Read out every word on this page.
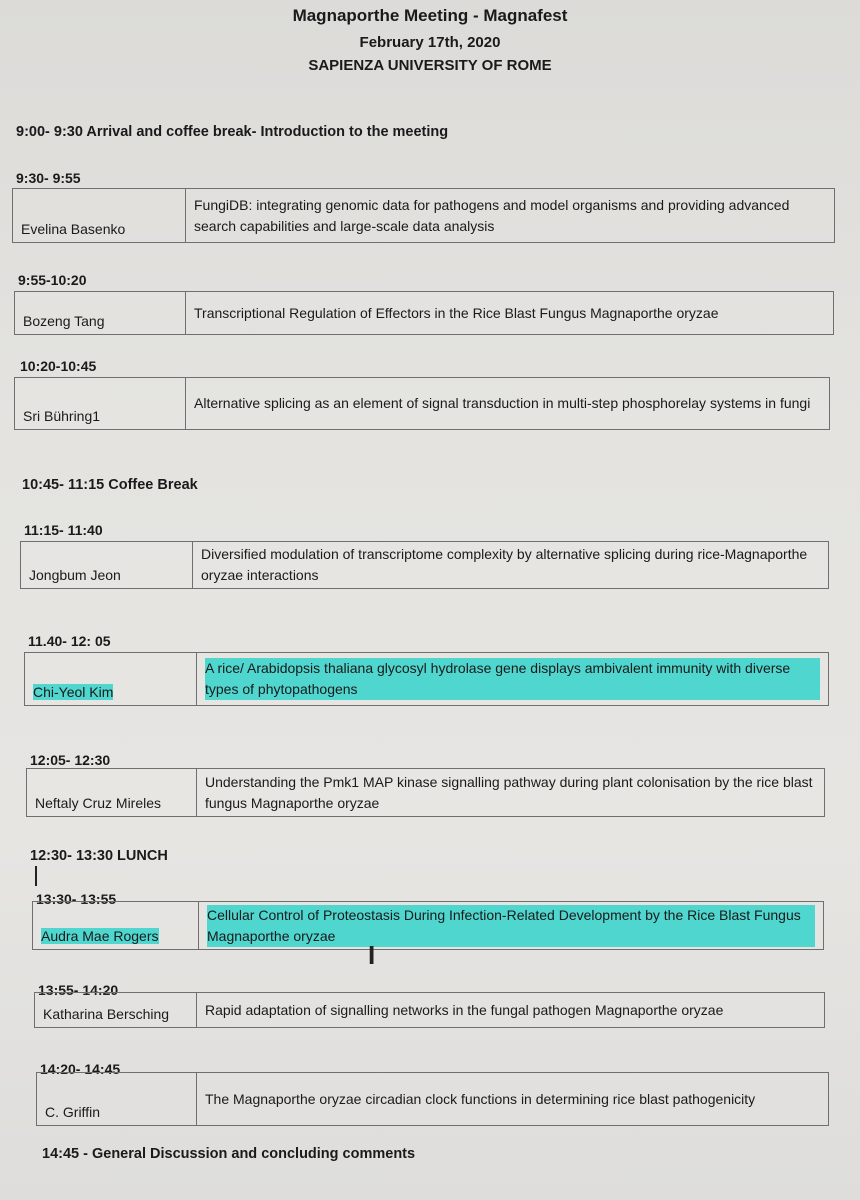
Magnaporthe Meeting - Magnafest
February 17th, 2020
SAPIENZA UNIVERSITY OF ROME
9:00- 9:30 Arrival and coffee break- Introduction to the meeting
9:30- 9:55
Evelina Basenko
FungiDB: integrating genomic data for pathogens and model organisms and providing advanced search capabilities and large-scale data analysis
9:55-10:20
Bozeng Tang
Transcriptional Regulation of Effectors in the Rice Blast Fungus Magnaporthe oryzae
10:20-10:45
Sri Bühring1
Alternative splicing as an element of signal transduction in multi-step phosphorelay systems in fungi
10:45- 11:15 Coffee Break
11:15- 11:40
Jongbum Jeon
Diversified modulation of transcriptome complexity by alternative splicing during rice-Magnaporthe oryzae interactions
11.40- 12: 05
Chi-Yeol Kim
A rice/ Arabidopsis thaliana glycosyl hydrolase gene displays ambivalent immunity with diverse types of phytopathogens
12:05- 12:30
Neftaly Cruz Mireles
Understanding the Pmk1 MAP kinase signalling pathway during plant colonisation by the rice blast fungus Magnaporthe oryzae
12:30- 13:30 LUNCH
13:30- 13:55
Audra Mae Rogers
Cellular Control of Proteostasis During Infection-Related Development by the Rice Blast Fungus Magnaporthe oryzae
I
13:55- 14:20
Katharina Bersching	Rapid adaptation of signalling networks in the fungal pathogen Magnaporthe oryzae
14:20- 14:45
C. Griffin
The Magnaporthe oryzae circadian clock functions in determining rice blast pathogenicity
14:45 - General Discussion and concluding comments
